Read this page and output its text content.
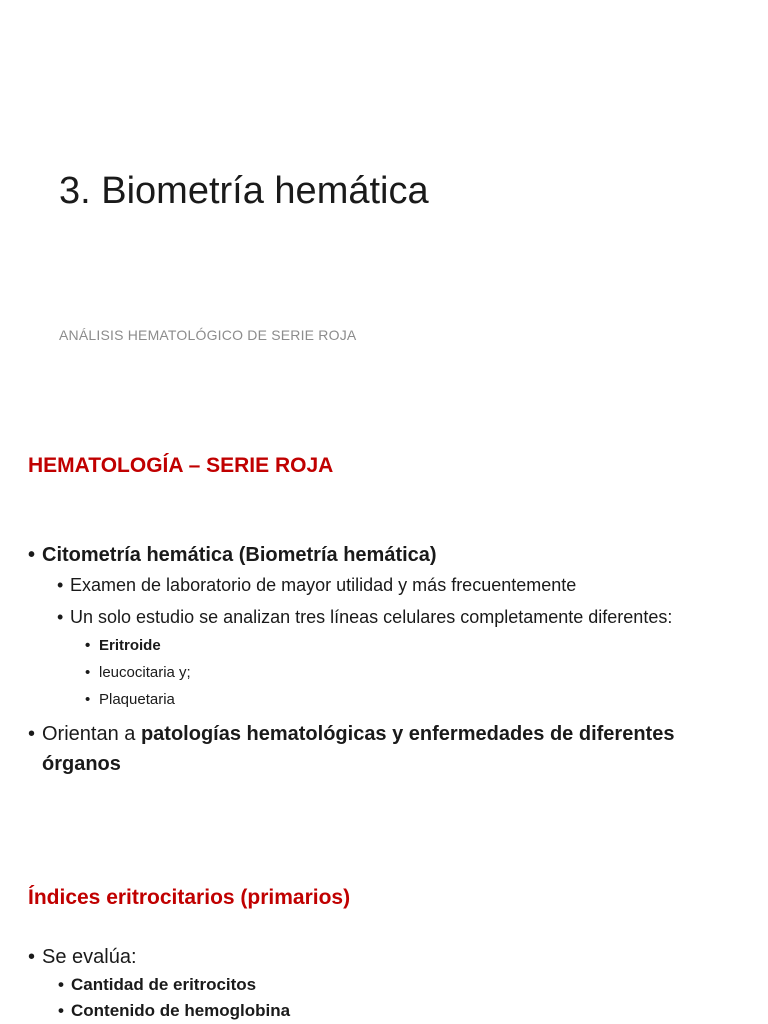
3. Biometría hemática

ANÁLISIS HEMATOLÓGICO DE SERIE ROJA

HEMATOLOGÍA – SERIE ROJA
• Citometría hemática (Biometría hemática)
• Examen de laboratorio de mayor utilidad y más frecuentemente
• Un solo estudio se analizan tres líneas celulares completamente diferentes:
• Eritroide
• leucocitaria y;
• Plaquetaria
• Orientan a patologías hematológicas y enfermedades de diferentes órganos
Índices eritrocitarios (primarios)
• Se evalúa:
• Cantidad de eritrocitos
• Contenido de hemoglobina
